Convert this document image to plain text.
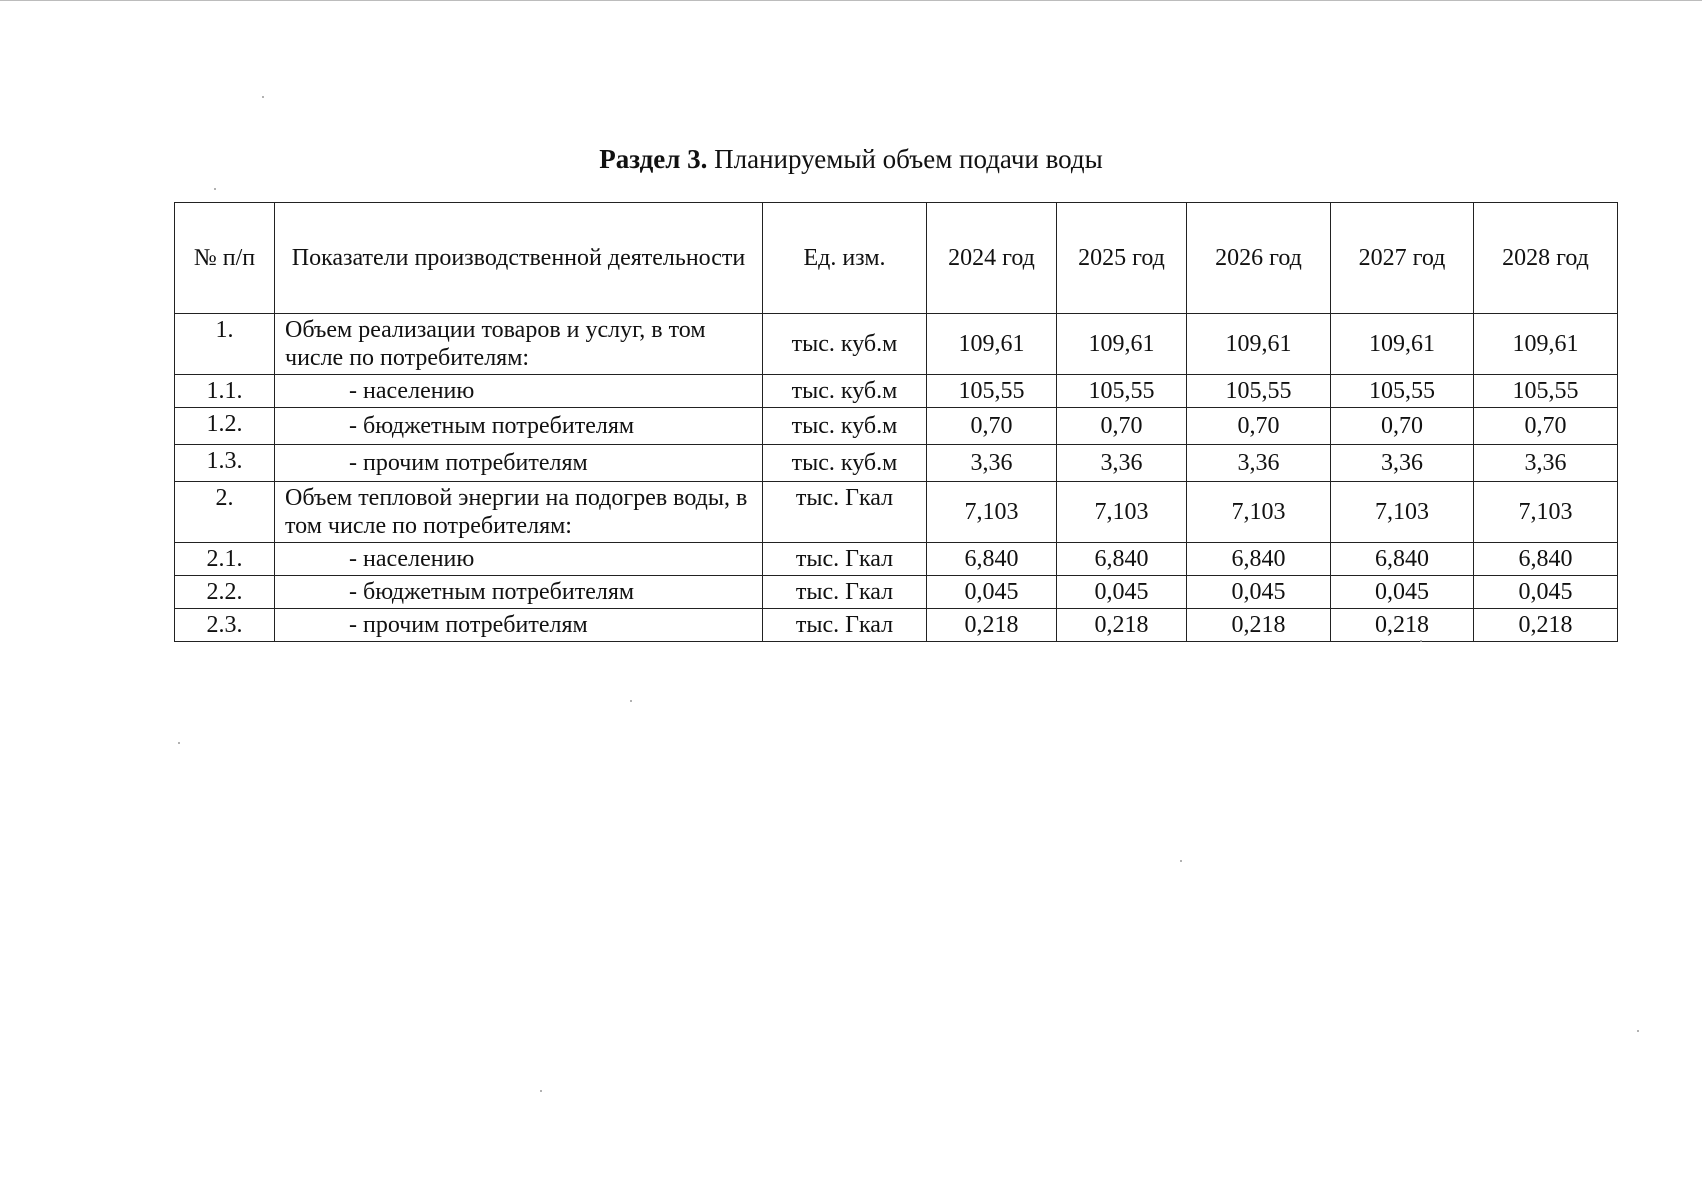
Раздел 3. Планируемый объем подачи воды
№ п/п	Показатели производственной деятельности	Ед. изм.	2024 год	2025 год	2026 год	2027 год	2028 год
1.	Объем реализации товаров и услуг, в том числе по потребителям:	тыс. куб.м	109,61	109,61	109,61	109,61	109,61
1.1.	- населению	тыс. куб.м	105,55	105,55	105,55	105,55	105,55
1.2.	- бюджетным потребителям	тыс. куб.м	0,70	0,70	0,70	0,70	0,70
1.3.	- прочим потребителям	тыс. куб.м	3,36	3,36	3,36	3,36	3,36
2.	Объем тепловой энергии на подогрев воды, в том числе по потребителям:	тыс. Гкал	7,103	7,103	7,103	7,103	7,103
2.1.	- населению	тыс. Гкал	6,840	6,840	6,840	6,840	6,840
2.2.	- бюджетным потребителям	тыс. Гкал	0,045	0,045	0,045	0,045	0,045
2.3.	- прочим потребителям	тыс. Гкал	0,218	0,218	0,218	0,218	0,218
